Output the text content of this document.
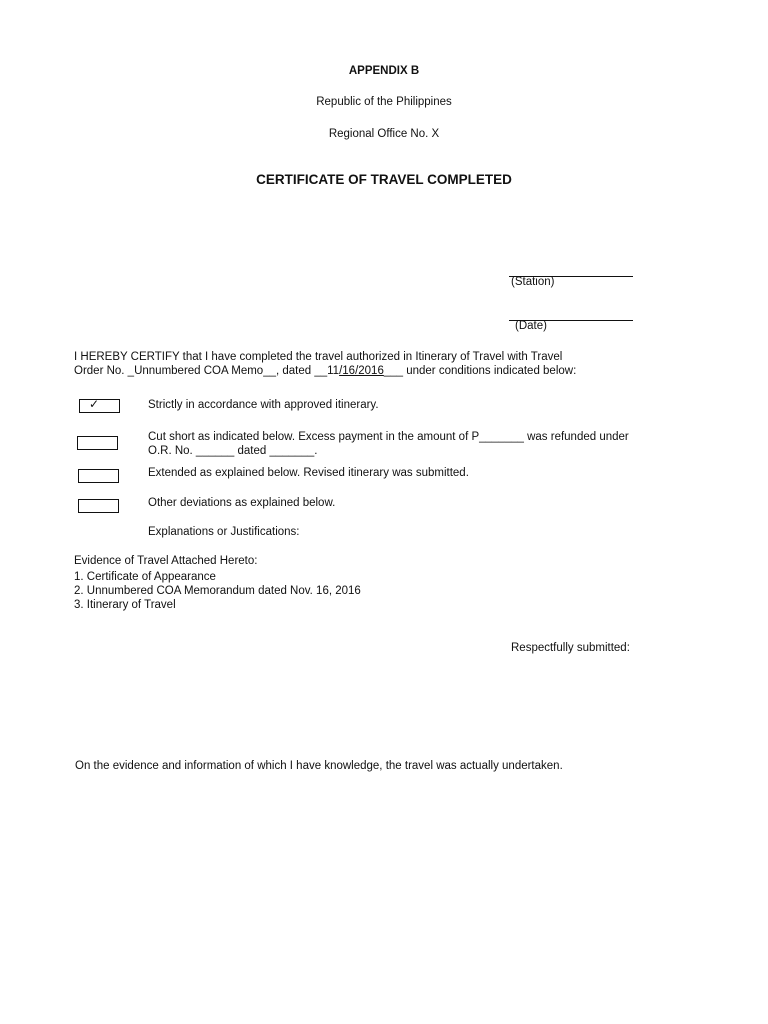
APPENDIX B
Republic of the Philippines
Regional Office No. X
CERTIFICATE OF TRAVEL COMPLETED
(Station)
(Date)
I HEREBY CERTIFY that I have completed the travel authorized in Itinerary of Travel with Travel
Order No. _Unnumbered COA Memo__, dated __11/16/2016___ under conditions indicated below:
✓	Strictly in accordance with approved itinerary.
Cut short as indicated below. Excess payment in the amount of P_______ was refunded under
O.R. No. ______ dated _______.
Extended as explained below. Revised itinerary was submitted.
Other deviations as explained below.
Explanations or Justifications:
Evidence of Travel Attached Hereto:
1. Certificate of Appearance
2. Unnumbered COA Memorandum dated Nov. 16, 2016
3. Itinerary of Travel
Respectfully submitted:
On the evidence and information of which I have knowledge, the travel was actually undertaken.
